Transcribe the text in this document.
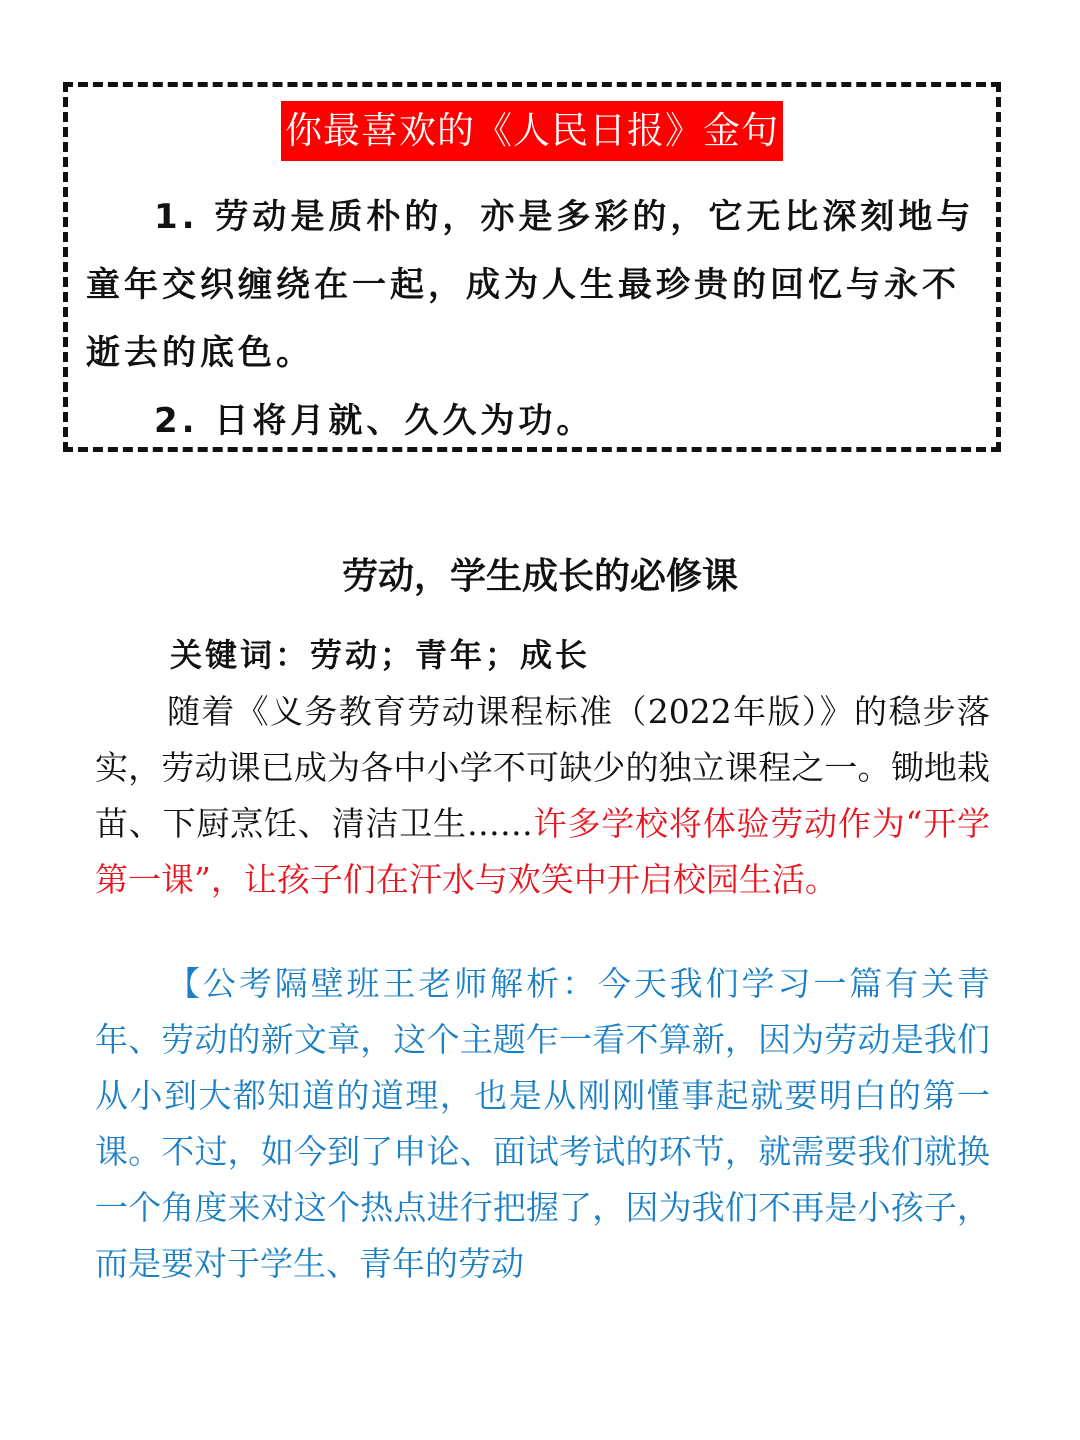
你最喜欢的《人民日报》金句
1. 劳动是质朴的，亦是多彩的，它无比深刻地与童年交织缠绕在一起，成为人生最珍贵的回忆与永不逝去的底色。
2. 日将月就、久久为功。
劳动，学生成长的必修课

关键词：劳动；青年；成长

随着《义务教育劳动课程标准（2022年版）》的稳步落实，劳动课已成为各中小学不可缺少的独立课程之一。锄地栽苗、下厨烹饪、清洁卫生……许多学校将体验劳动作为“开学第一课”，让孩子们在汗水与欢笑中开启校园生活。

【公考隔壁班王老师解析：今天我们学习一篇有关青年、劳动的新文章，这个主题乍一看不算新，因为劳动是我们从小到大都知道的道理，也是从刚刚懂事起就要明白的第一课。不过，如今到了申论、面试考试的环节，就需要我们就换一个角度来对这个热点进行把握了，因为我们不再是小孩子，而是要对于学生、青年的劳动
